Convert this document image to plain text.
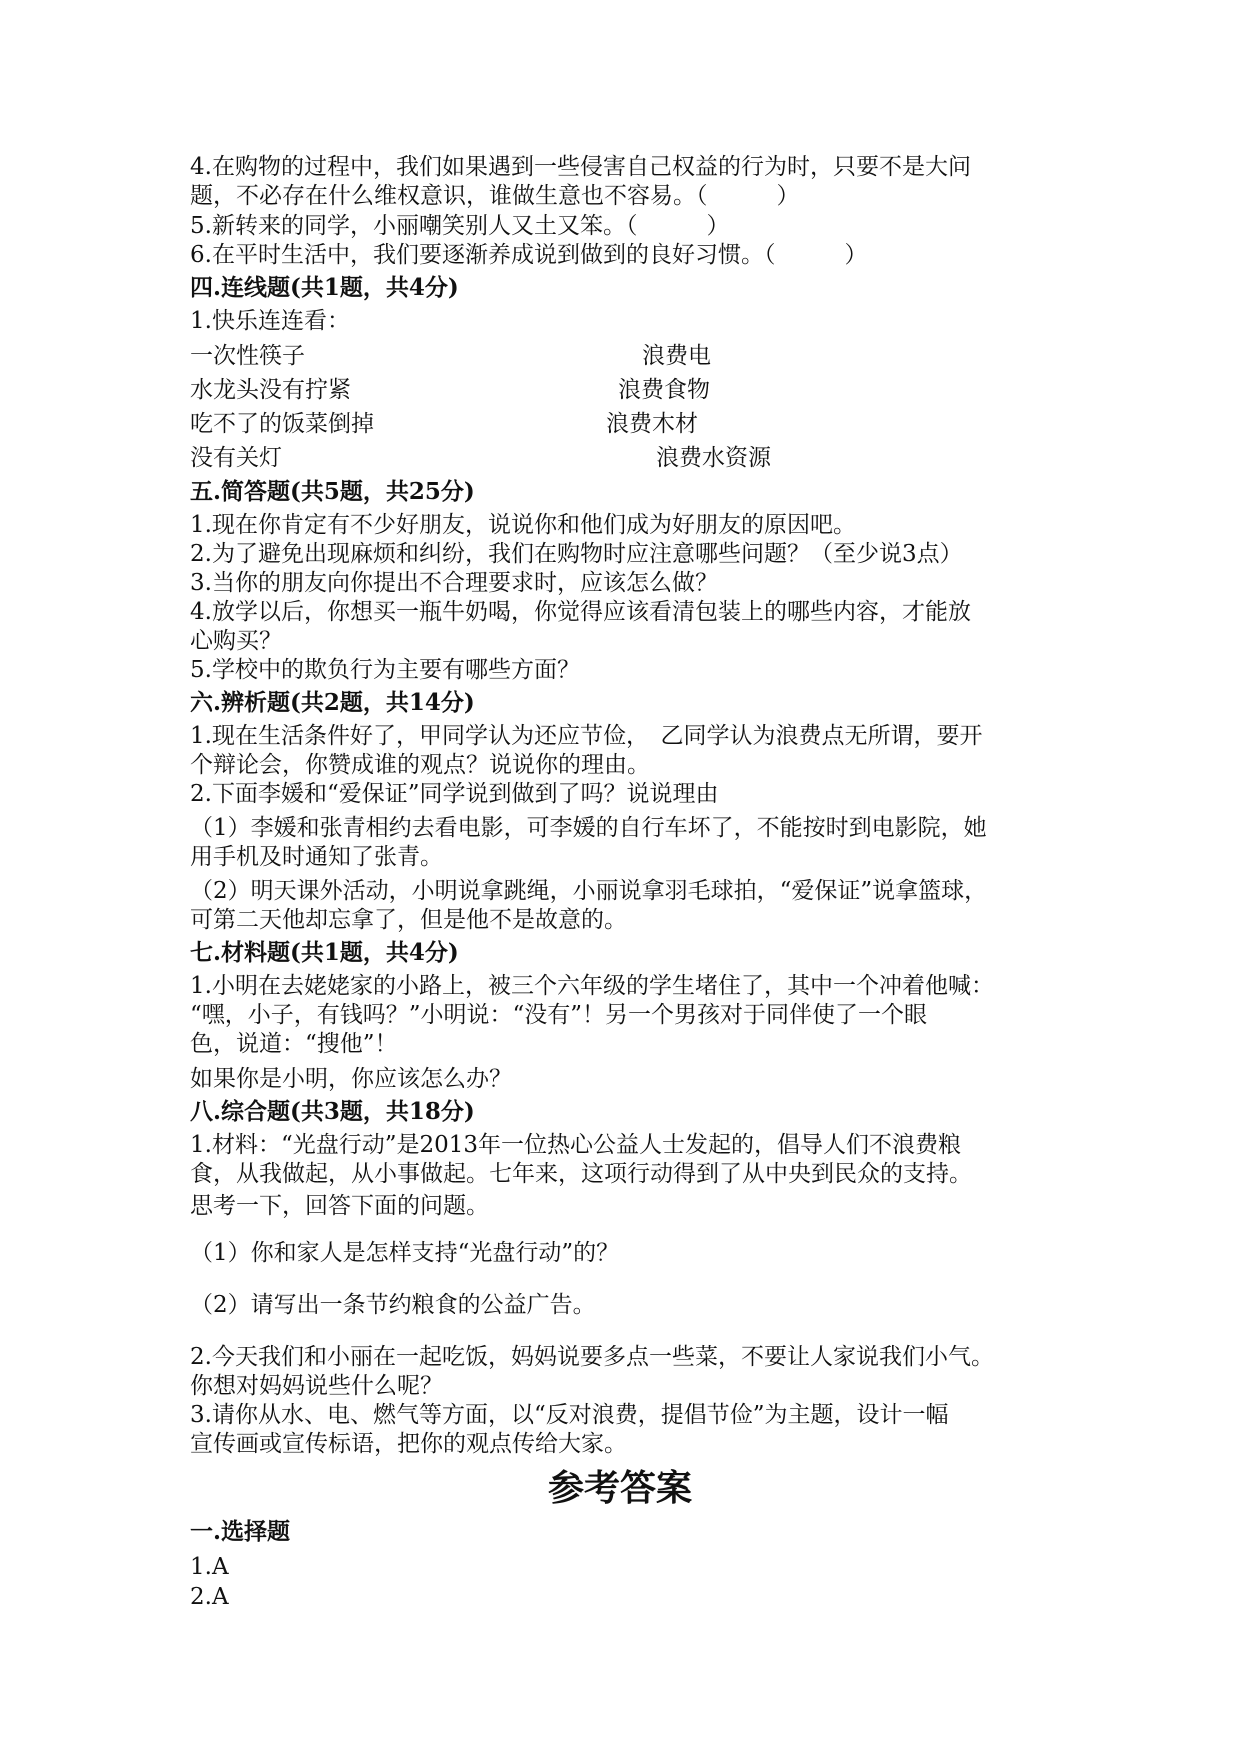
4.在购物的过程中，我们如果遇到一些侵害自己权益的行为时，只要不是大问
题，不必存在什么维权意识，谁做生意也不容易。（　　　）
5.新转来的同学，小丽嘲笑别人又土又笨。（　　　）
6.在平时生活中，我们要逐渐养成说到做到的良好习惯。（　　　）
四.连线题(共1题，共4分)
1.快乐连连看：
一次性筷子	浪费电
水龙头没有拧紧	浪费食物
吃不了的饭菜倒掉	浪费木材
没有关灯	浪费水资源
五.简答题(共5题，共25分)
1.现在你肯定有不少好朋友，说说你和他们成为好朋友的原因吧。
2.为了避免出现麻烦和纠纷，我们在购物时应注意哪些问题？（至少说3点）
3.当你的朋友向你提出不合理要求时，应该怎么做？
4.放学以后，你想买一瓶牛奶喝，你觉得应该看清包装上的哪些内容，才能放
心购买？
5.学校中的欺负行为主要有哪些方面？
六.辨析题(共2题，共14分)
1.现在生活条件好了，甲同学认为还应节俭，　乙同学认为浪费点无所谓，要开
个辩论会，你赞成谁的观点？说说你的理由。
2.下面李媛和“爱保证”同学说到做到了吗？说说理由
（1）李媛和张青相约去看电影，可李媛的自行车坏了，不能按时到电影院，她
用手机及时通知了张青。
（2）明天课外活动，小明说拿跳绳，小丽说拿羽毛球拍，“爱保证”说拿篮球，
可第二天他却忘拿了，但是他不是故意的。
七.材料题(共1题，共4分)
1.小明在去姥姥家的小路上，被三个六年级的学生堵住了，其中一个冲着他喊：
“嘿，小子，有钱吗？”小明说：“没有”！另一个男孩对于同伴使了一个眼
色，说道：“搜他”！
如果你是小明，你应该怎么办？
八.综合题(共3题，共18分)
1.材料：“光盘行动”是2013年一位热心公益人士发起的，倡导人们不浪费粮
食，从我做起，从小事做起。七年来，这项行动得到了从中央到民众的支持。
思考一下，回答下面的问题。
（1）你和家人是怎样支持“光盘行动”的？
（2）请写出一条节约粮食的公益广告。
2.今天我们和小丽在一起吃饭，妈妈说要多点一些菜，不要让人家说我们小气。
你想对妈妈说些什么呢？
3.请你从水、电、燃气等方面，以“反对浪费，提倡节俭”为主题，设计一幅
宣传画或宣传标语，把你的观点传给大家。
参考答案
一.选择题
1.A
2.A
